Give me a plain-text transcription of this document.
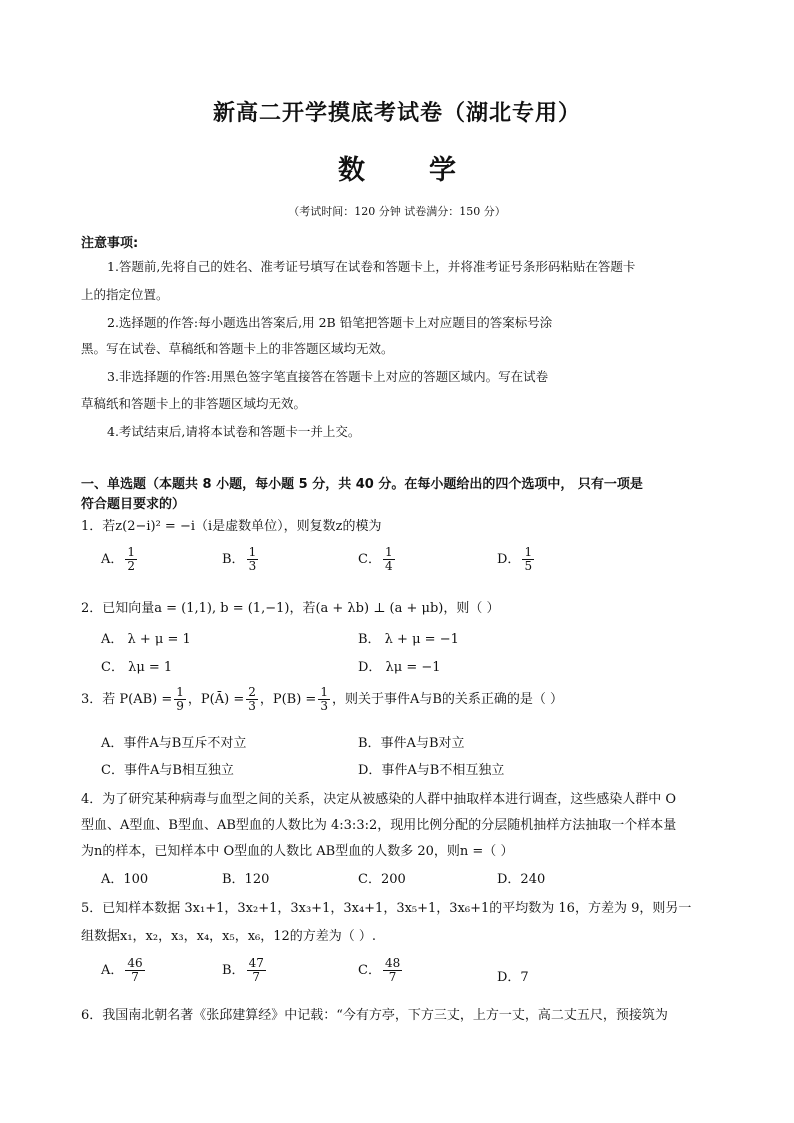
新高二开学摸底考试卷（湖北专用）
数 学
（考试时间：120 分钟 试卷满分：150 分）
注意事项:
1.答题前,先将自己的姓名、准考证号填写在试卷和答题卡上，并将准考证号条形码粘贴在答题卡
上的指定位置。
2.选择题的作答:每小题选出答案后,用 2B 铅笔把答题卡上对应题目的答案标号涂
黑。写在试卷、草稿纸和答题卡上的非答题区域均无效。
3.非选择题的作答:用黑色签字笔直接答在答题卡上对应的答题区域内。写在试卷
草稿纸和答题卡上的非答题区域均无效。
4.考试结束后,请将本试卷和答题卡一并上交。
一、单选题（本题共 8 小题，每小题 5 分，共 40 分。在每小题给出的四个选项中， 只有一项是
符合题目要求的）
1．若z(2−i)² = −i（i是虚数单位），则复数z的模为
A． $\frac{1}{2}$	B． $\frac{1}{3}$	C． $\frac{1}{4}$	D． $\frac{1}{5}$
2．已知向量a = (1,1), b = (1,−1)，若(a + λb) ⊥ (a + μb)，则（ ）
A． λ + μ = 1	B． λ + μ = −1
C． λμ = 1	D． λμ = −1
3．若 $P(AB) = \frac{1}{9}$ ，P(Ā) = $\frac{2}{3}$ ，$P(B) = \frac{1}{3}$ ，则关于事件A与B的关系正确的是（ ）
A．事件A与B互斥不对立	B．事件A与B对立
C．事件A与B相互独立	D．事件A与B不相互独立
4．为了研究某种病毒与血型之间的关系，决定从被感染的人群中抽取样本进行调查，这些感染人群中 O
型血、A型血、B型血、AB型血的人数比为 4:3:3:2，现用比例分配的分层随机抽样方法抽取一个样本量
为n的样本，已知样本中 O型血的人数比 AB型血的人数多 20，则n =（ ）
A．100	B．120	C．200	D．240
5．已知样本数据 3x₁+1，3x₂+1，3x₃+1，3x₄+1，3x₅+1，3x₆+1的平均数为 16，方差为 9，则另一
组数据x₁，x₂，x₃，x₄，x₅，x₆，12的方差为（ ）.
A． $\frac{46}{7}$	B． $\frac{47}{7}$	C． $\frac{48}{7}$	D．7
6．我国南北朝名著《张邱建算经》中记载：“今有方亭，下方三丈，上方一丈，高二丈五尺，预接筑为
